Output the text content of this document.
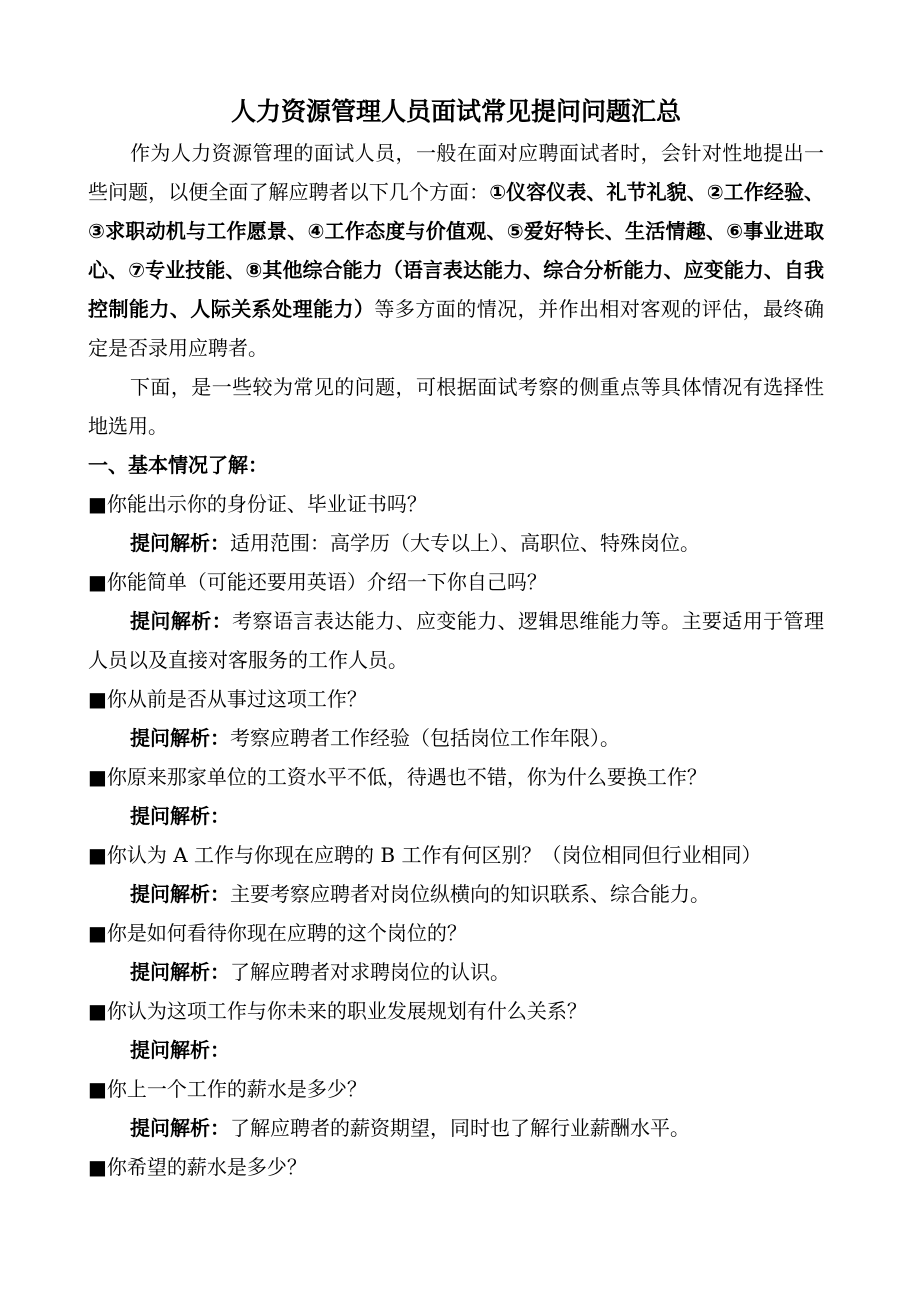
人力资源管理人员面试常见提问问题汇总

作为人力资源管理的面试人员，一般在面对应聘面试者时，会针对性地提出一些问题，以便全面了解应聘者以下几个方面：①仪容仪表、礼节礼貌、②工作经验、③求职动机与工作愿景、④工作态度与价值观、⑤爱好特长、生活情趣、⑥事业进取心、⑦专业技能、⑧其他综合能力（语言表达能力、综合分析能力、应变能力、自我控制能力、人际关系处理能力）等多方面的情况，并作出相对客观的评估，最终确定是否录用应聘者。

下面，是一些较为常见的问题，可根据面试考察的侧重点等具体情况有选择性地选用。

一、基本情况了解：

■你能出示你的身份证、毕业证书吗？

提问解析：适用范围：高学历（大专以上）、高职位、特殊岗位。

■你能简单（可能还要用英语）介绍一下你自己吗？

提问解析：考察语言表达能力、应变能力、逻辑思维能力等。主要适用于管理人员以及直接对客服务的工作人员。

■你从前是否从事过这项工作？

提问解析：考察应聘者工作经验（包括岗位工作年限）。

■你原来那家单位的工资水平不低，待遇也不错，你为什么要换工作？

提问解析：

■你认为 A 工作与你现在应聘的 B 工作有何区别？（岗位相同但行业相同）

提问解析：主要考察应聘者对岗位纵横向的知识联系、综合能力。

■你是如何看待你现在应聘的这个岗位的？

提问解析：了解应聘者对求聘岗位的认识。

■你认为这项工作与你未来的职业发展规划有什么关系？

提问解析：

■你上一个工作的薪水是多少？

提问解析：了解应聘者的薪资期望，同时也了解行业薪酬水平。

■你希望的薪水是多少？
